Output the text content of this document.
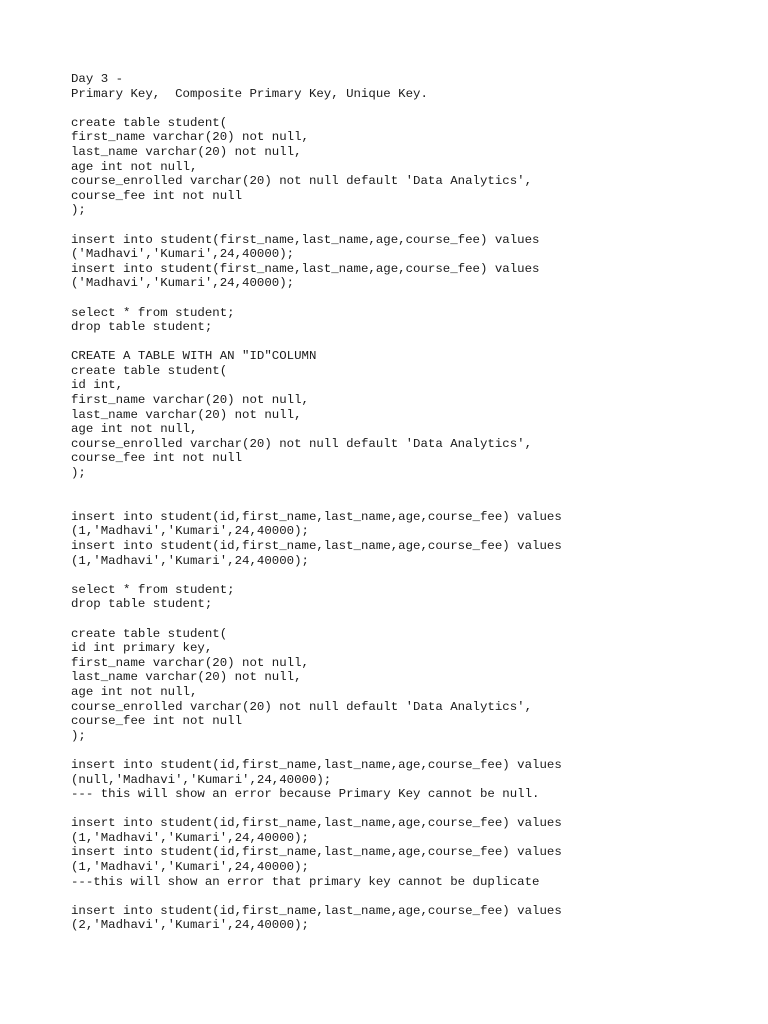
Day 3 -
Primary Key,  Composite Primary Key, Unique Key.
create table student(
first_name varchar(20) not null,
last_name varchar(20) not null,
age int not null,
course_enrolled varchar(20) not null default 'Data Analytics',
course_fee int not null
);
insert into student(first_name,last_name,age,course_fee) values
('Madhavi','Kumari',24,40000);
insert into student(first_name,last_name,age,course_fee) values
('Madhavi','Kumari',24,40000);
select * from student;
drop table student;
CREATE A TABLE WITH AN "ID"COLUMN
create table student(
id int,
first_name varchar(20) not null,
last_name varchar(20) not null,
age int not null,
course_enrolled varchar(20) not null default 'Data Analytics',
course_fee int not null
);
insert into student(id,first_name,last_name,age,course_fee) values
(1,'Madhavi','Kumari',24,40000);
insert into student(id,first_name,last_name,age,course_fee) values
(1,'Madhavi','Kumari',24,40000);
select * from student;
drop table student;
create table student(
id int primary key,
first_name varchar(20) not null,
last_name varchar(20) not null,
age int not null,
course_enrolled varchar(20) not null default 'Data Analytics',
course_fee int not null
);
insert into student(id,first_name,last_name,age,course_fee) values
(null,'Madhavi','Kumari',24,40000);
--- this will show an error because Primary Key cannot be null.
insert into student(id,first_name,last_name,age,course_fee) values
(1,'Madhavi','Kumari',24,40000);
insert into student(id,first_name,last_name,age,course_fee) values
(1,'Madhavi','Kumari',24,40000);
---this will show an error that primary key cannot be duplicate
insert into student(id,first_name,last_name,age,course_fee) values
(2,'Madhavi','Kumari',24,40000);
